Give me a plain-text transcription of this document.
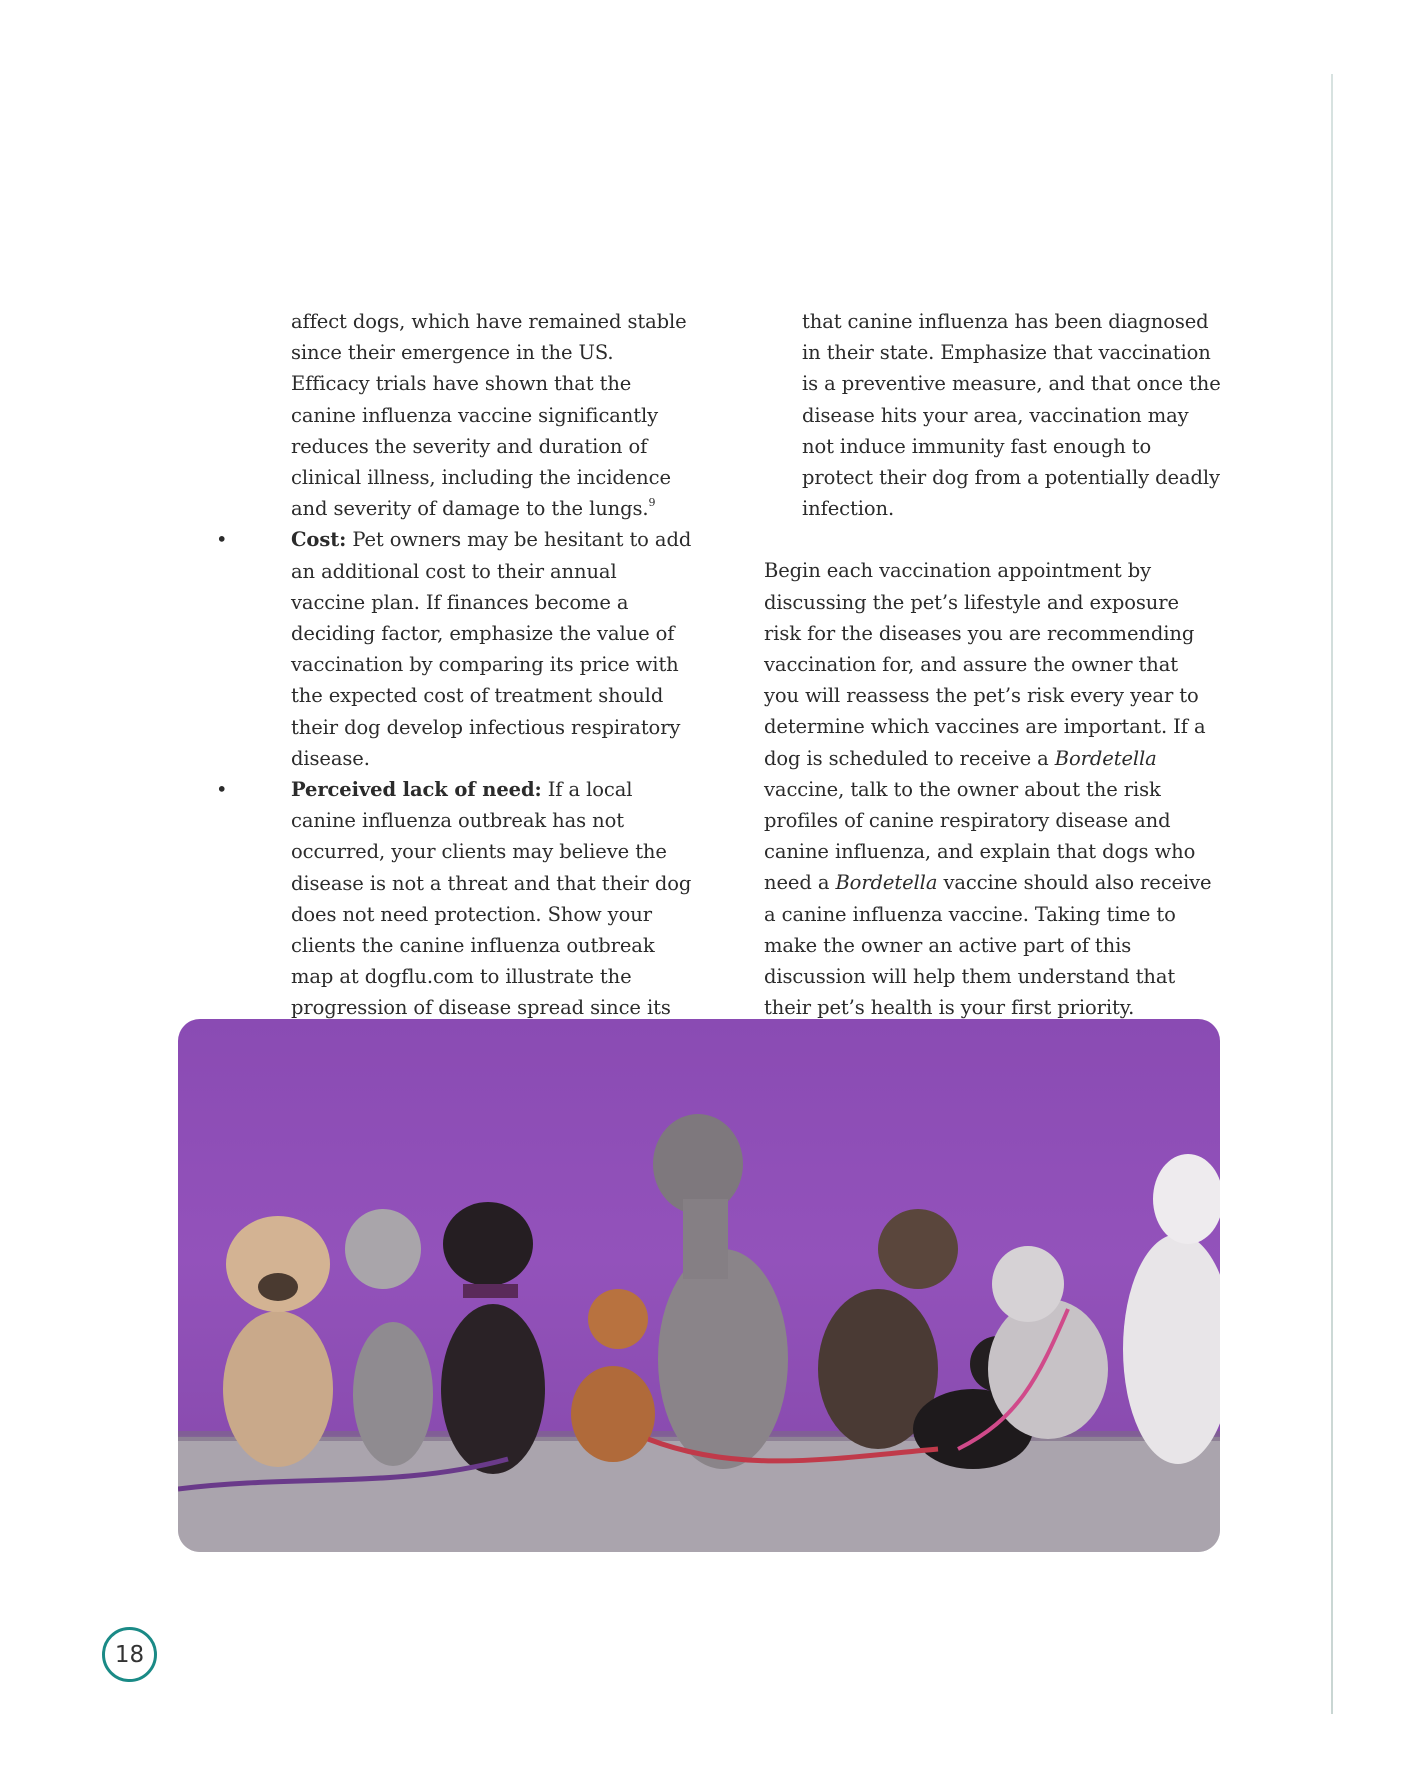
affect dogs, which have remained stable since their emergence in the US. Efficacy trials have shown that the canine influenza vaccine significantly reduces the severity and duration of clinical illness, including the incidence and severity of damage to the lungs.$^9$

•	Cost: Pet owners may be hesitant to add an additional cost to their annual vaccine plan. If finances become a deciding factor, emphasize the value of vaccination by comparing its price with the expected cost of treatment should their dog develop infectious respiratory disease.

•	Perceived lack of need: If a local canine influenza outbreak has not occurred, your clients may believe the disease is not a threat and that their dog does not need protection. Show your clients the canine influenza outbreak map at dogflu.com to illustrate the progression of disease spread since its

that canine influenza has been diagnosed in their state. Emphasize that vaccination is a preventive measure, and that once the disease hits your area, vaccination may not induce immunity fast enough to protect their dog from a potentially deadly infection.

Begin each vaccination appointment by discussing the pet’s lifestyle and exposure risk for the diseases you are recommending vaccination for, and assure the owner that you will reassess the pet’s risk every year to determine which vaccines are important. If a dog is scheduled to receive a Bordetella vaccine, talk to the owner about the risk profiles of canine respiratory disease and canine influenza, and explain that dogs who need a Bordetella vaccine should also receive a canine influenza vaccine. Taking time to make the owner an active part of this discussion will help them understand that their pet’s health is your first priority.

18
